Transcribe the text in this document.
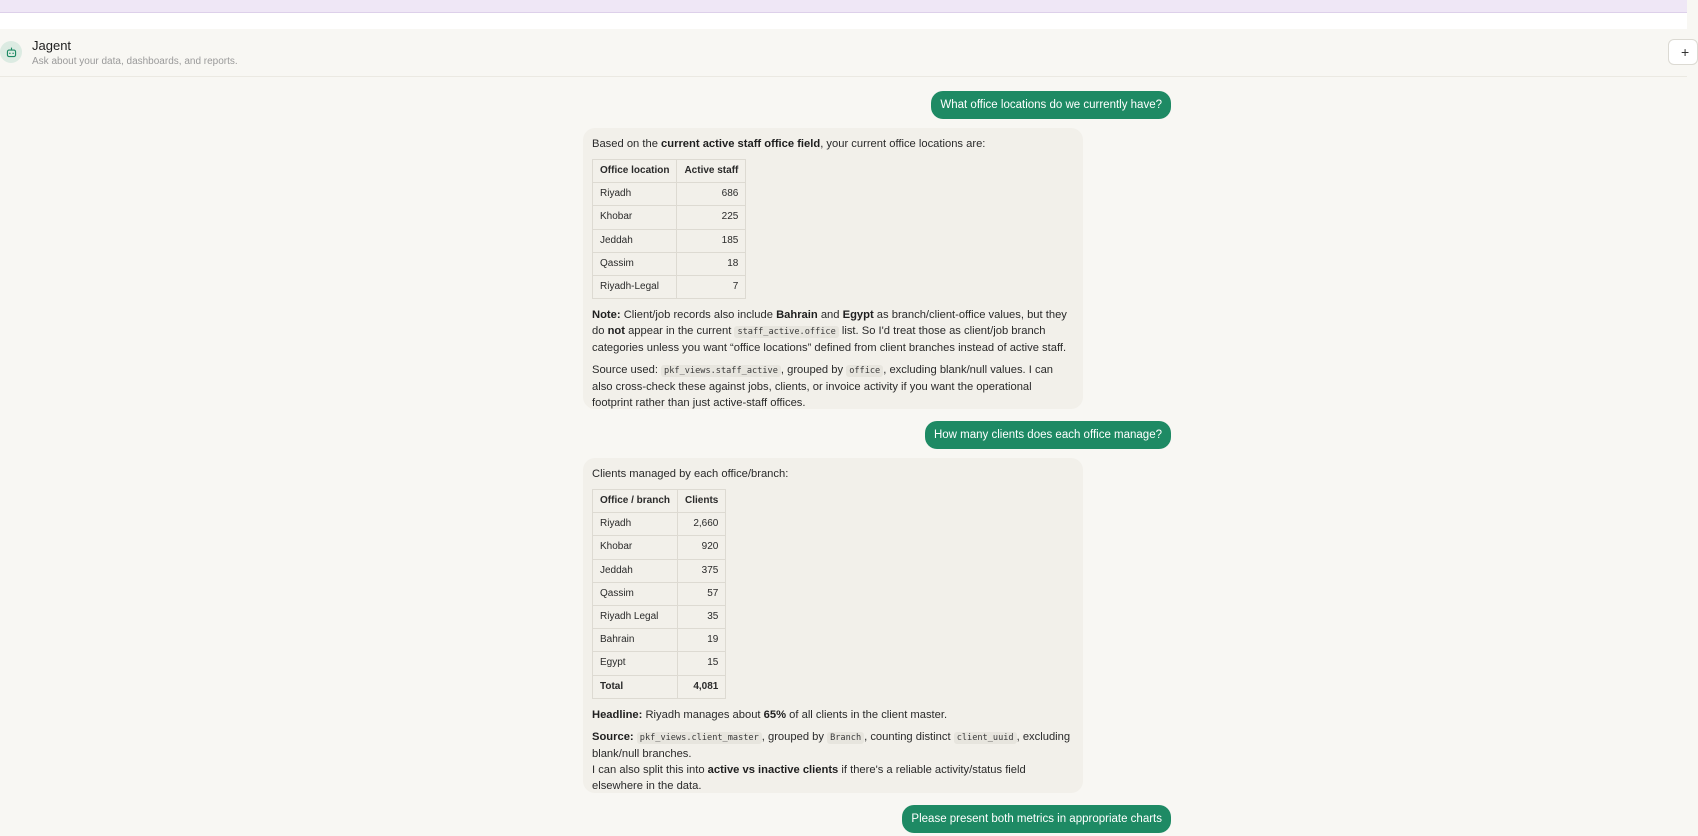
Jagent
Ask about your data, dashboards, and reports.
+
What office locations do we currently have?

Based on the current active staff office field, your current office locations are:

Office location	Active staff
Riyadh	686
Khobar	225
Jeddah	185
Qassim	18
Riyadh-Legal	7

Note: Client/job records also include Bahrain and Egypt as branch/client-office values, but they do not appear in the current staff_active.office list. So I'd treat those as client/job branch categories unless you want “office locations” defined from client branches instead of active staff.

Source used: pkf_views.staff_active , grouped by office , excluding blank/null values. I can also cross-check these against jobs, clients, or invoice activity if you want the operational footprint rather than just active-staff offices.

How many clients does each office manage?

Clients managed by each office/branch:

Office / branch	Clients
Riyadh	2,660
Khobar	920
Jeddah	375
Qassim	57
Riyadh Legal	35
Bahrain	19
Egypt	15
Total	4,081

Headline: Riyadh manages about 65% of all clients in the client master.

Source: pkf_views.client_master , grouped by Branch , counting distinct client_uuid , excluding blank/null branches.
I can also split this into active vs inactive clients if there's a reliable activity/status field elsewhere in the data.

Please present both metrics in appropriate charts
